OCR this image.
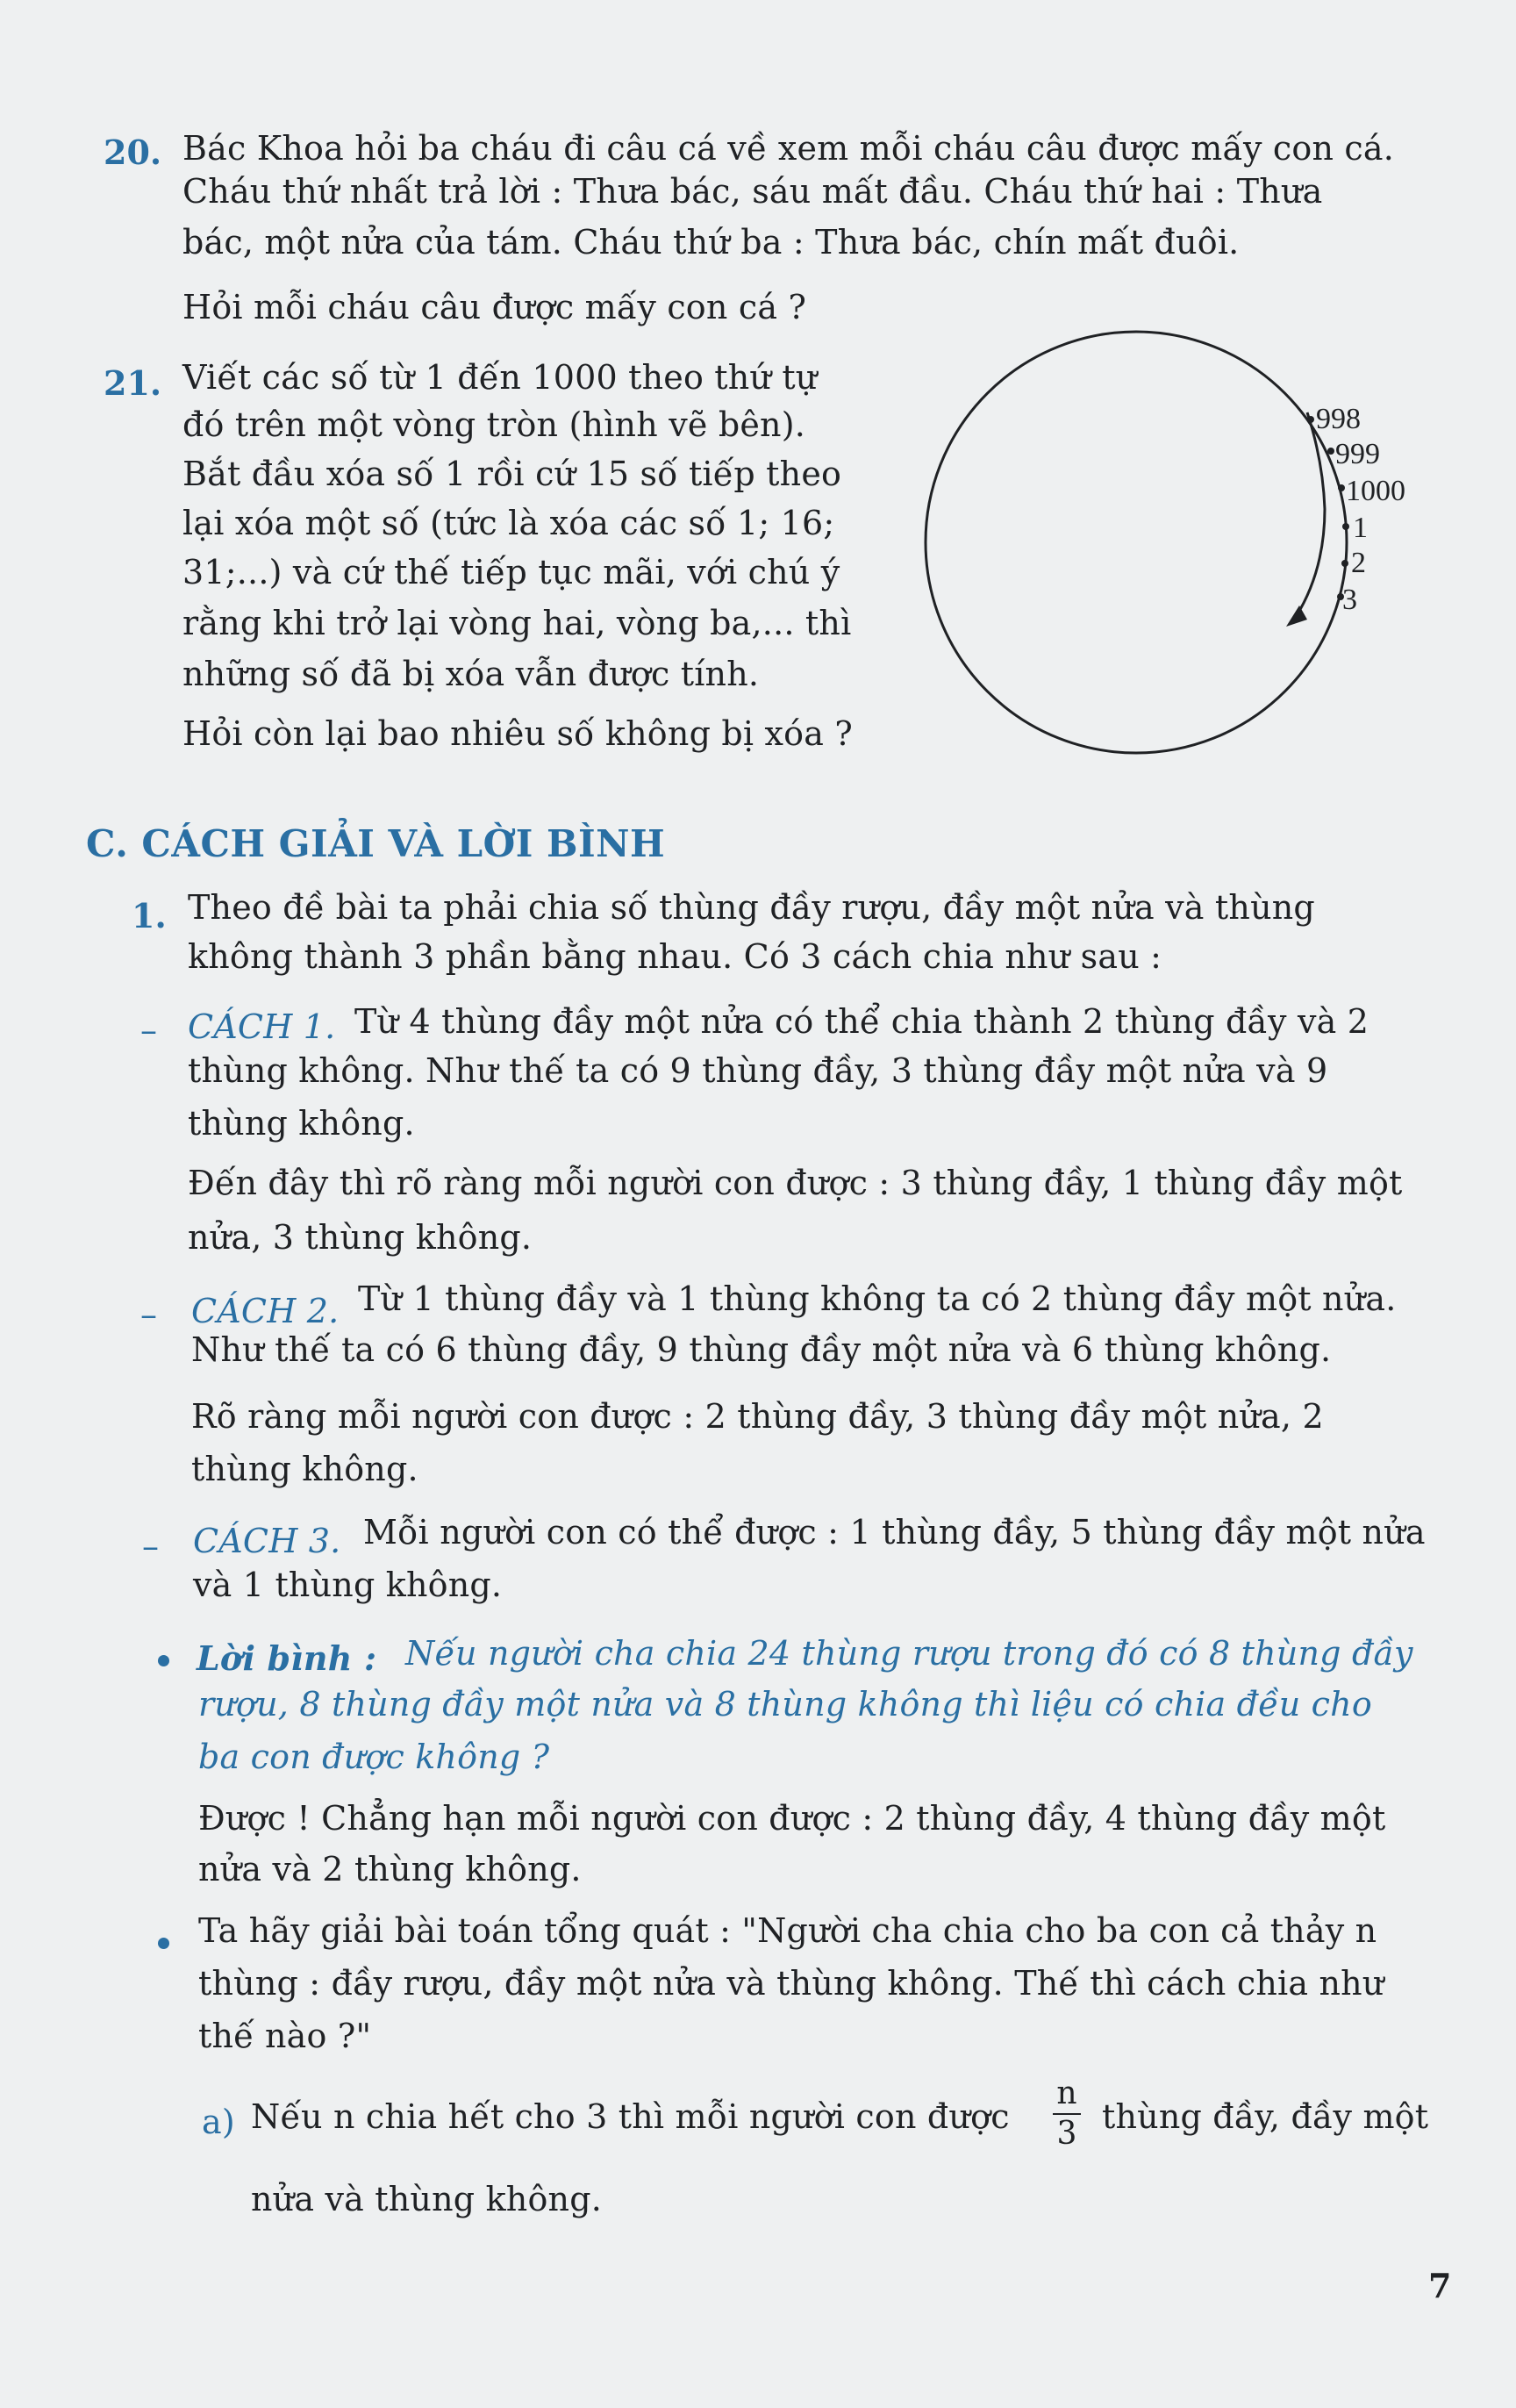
20. Bác Khoa hỏi ba cháu đi câu cá về xem mỗi cháu câu được mấy con cá.
Cháu thứ nhất trả lời : Thưa bác, sáu mất đầu. Cháu thứ hai : Thưa
bác, một nửa của tám. Cháu thứ ba : Thưa bác, chín mất đuôi.
Hỏi mỗi cháu câu được mấy con cá ?
21. Viết các số từ 1 đến 1000 theo thứ tự
đó trên một vòng tròn (hình vẽ bên).
Bắt đầu xóa số 1 rồi cứ 15 số tiếp theo
lại xóa một số (tức là xóa các số 1; 16;
31;...) và cứ thế tiếp tục mãi, với chú ý
rằng khi trở lại vòng hai, vòng ba,... thì
những số đã bị xóa vẫn được tính.
Hỏi còn lại bao nhiêu số không bị xóa ?
998
999
1000
1
2
3
C. CÁCH GIẢI VÀ LỜI BÌNH
1. Theo đề bài ta phải chia số thùng đầy rượu, đầy một nửa và thùng
không thành 3 phần bằng nhau. Có 3 cách chia như sau :
– CÁCH 1. Từ 4 thùng đầy một nửa có thể chia thành 2 thùng đầy và 2
thùng không. Như thế ta có 9 thùng đầy, 3 thùng đầy một nửa và 9
thùng không.
Đến đây thì rõ ràng mỗi người con được : 3 thùng đầy, 1 thùng đầy một
nửa, 3 thùng không.
– CÁCH 2. Từ 1 thùng đầy và 1 thùng không ta có 2 thùng đầy một nửa.
Như thế ta có 6 thùng đầy, 9 thùng đầy một nửa và 6 thùng không.
Rõ ràng mỗi người con được : 2 thùng đầy, 3 thùng đầy một nửa, 2
thùng không.
– CÁCH 3. Mỗi người con có thể được : 1 thùng đầy, 5 thùng đầy một nửa
và 1 thùng không.
Lời bình : Nếu người cha chia 24 thùng rượu trong đó có 8 thùng đầy
rượu, 8 thùng đầy một nửa và 8 thùng không thì liệu có chia đều cho
ba con được không ?
Được ! Chẳng hạn mỗi người con được : 2 thùng đầy, 4 thùng đầy một
nửa và 2 thùng không.
Ta hãy giải bài toán tổng quát : "Người cha chia cho ba con cả thảy n
thùng : đầy rượu, đầy một nửa và thùng không. Thế thì cách chia như
thế nào ?"
a) Nếu n chia hết cho 3 thì mỗi người con được
n
3 thùng đầy, đầy một
nửa và thùng không.
7
